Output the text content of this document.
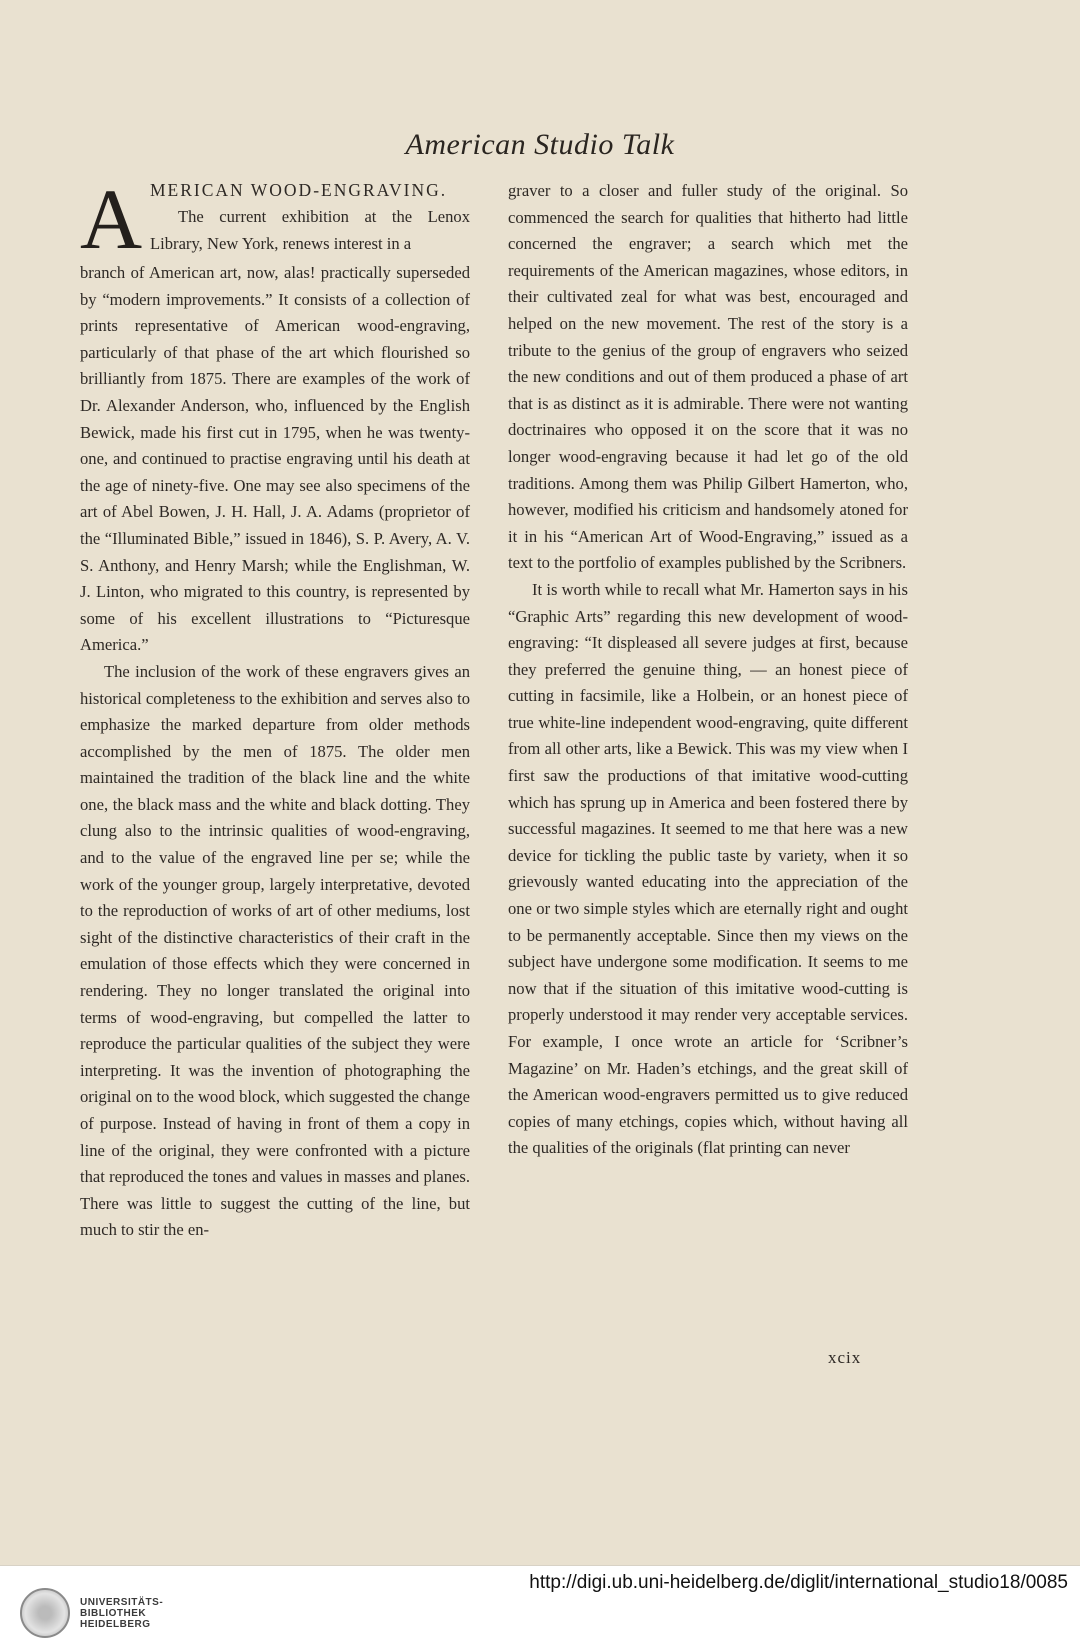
American Studio Talk
A MERICAN WOOD-ENGRAVING.
The current exhibition at the Lenox Library, New York, renews interest in a

branch of American art, now, alas! practically superseded by “modern improvements.” It consists of a collection of prints representative of American wood-engraving, particularly of that phase of the art which flourished so brilliantly from 1875. There are examples of the work of Dr. Alexander Anderson, who, influenced by the English Bewick, made his first cut in 1795, when he was twenty-one, and continued to practise engraving until his death at the age of ninety-five. One may see also specimens of the art of Abel Bowen, J. H. Hall, J. A. Adams (proprietor of the “Illuminated Bible,” issued in 1846), S. P. Avery, A. V. S. Anthony, and Henry Marsh; while the Englishman, W. J. Linton, who migrated to this country, is represented by some of his excellent illustrations to “Picturesque America.”

The inclusion of the work of these engravers gives an historical completeness to the exhibition and serves also to emphasize the marked departure from older methods accomplished by the men of 1875. The older men maintained the tradition of the black line and the white one, the black mass and the white and black dotting. They clung also to the intrinsic qualities of wood-engraving, and to the value of the engraved line per se; while the work of the younger group, largely interpretative, devoted to the reproduction of works of art of other mediums, lost sight of the distinctive characteristics of their craft in the emulation of those effects which they were concerned in rendering. They no longer translated the original into terms of wood-engraving, but compelled the latter to reproduce the particular qualities of the subject they were interpreting. It was the invention of photographing the original on to the wood block, which suggested the change of purpose. Instead of having in front of them a copy in line of the original, they were confronted with a picture that reproduced the tones and values in masses and planes. There was little to suggest the cutting of the line, but much to stir the en-

graver to a closer and fuller study of the original. So commenced the search for qualities that hitherto had little concerned the engraver; a search which met the requirements of the American magazines, whose editors, in their cultivated zeal for what was best, encouraged and helped on the new movement. The rest of the story is a tribute to the genius of the group of engravers who seized the new conditions and out of them produced a phase of art that is as distinct as it is admirable. There were not wanting doctrinaires who opposed it on the score that it was no longer wood-engraving because it had let go of the old traditions. Among them was Philip Gilbert Hamerton, who, however, modified his criticism and handsomely atoned for it in his “American Art of Wood-Engraving,” issued as a text to the portfolio of examples published by the Scribners.

It is worth while to recall what Mr. Hamerton says in his “Graphic Arts” regarding this new development of wood-engraving: “It displeased all severe judges at first, because they preferred the genuine thing, — an honest piece of cutting in facsimile, like a Holbein, or an honest piece of true white-line independent wood-engraving, quite different from all other arts, like a Bewick. This was my view when I first saw the productions of that imitative wood-cutting which has sprung up in America and been fostered there by successful magazines. It seemed to me that here was a new device for tickling the public taste by variety, when it so grievously wanted educating into the appreciation of the one or two simple styles which are eternally right and ought to be permanently acceptable. Since then my views on the subject have undergone some modification. It seems to me now that if the situation of this imitative wood-cutting is properly understood it may render very acceptable services. For example, I once wrote an article for ‘Scribner’s Magazine’ on Mr. Haden’s etchings, and the great skill of the American wood-engravers permitted us to give reduced copies of many etchings, copies which, without having all the qualities of the originals (flat printing can never

xcix
UNIVERSITÄTS-
BIBLIOTHEK
HEIDELBERG
http://digi.ub.uni-heidelberg.de/diglit/international_studio18/0085
